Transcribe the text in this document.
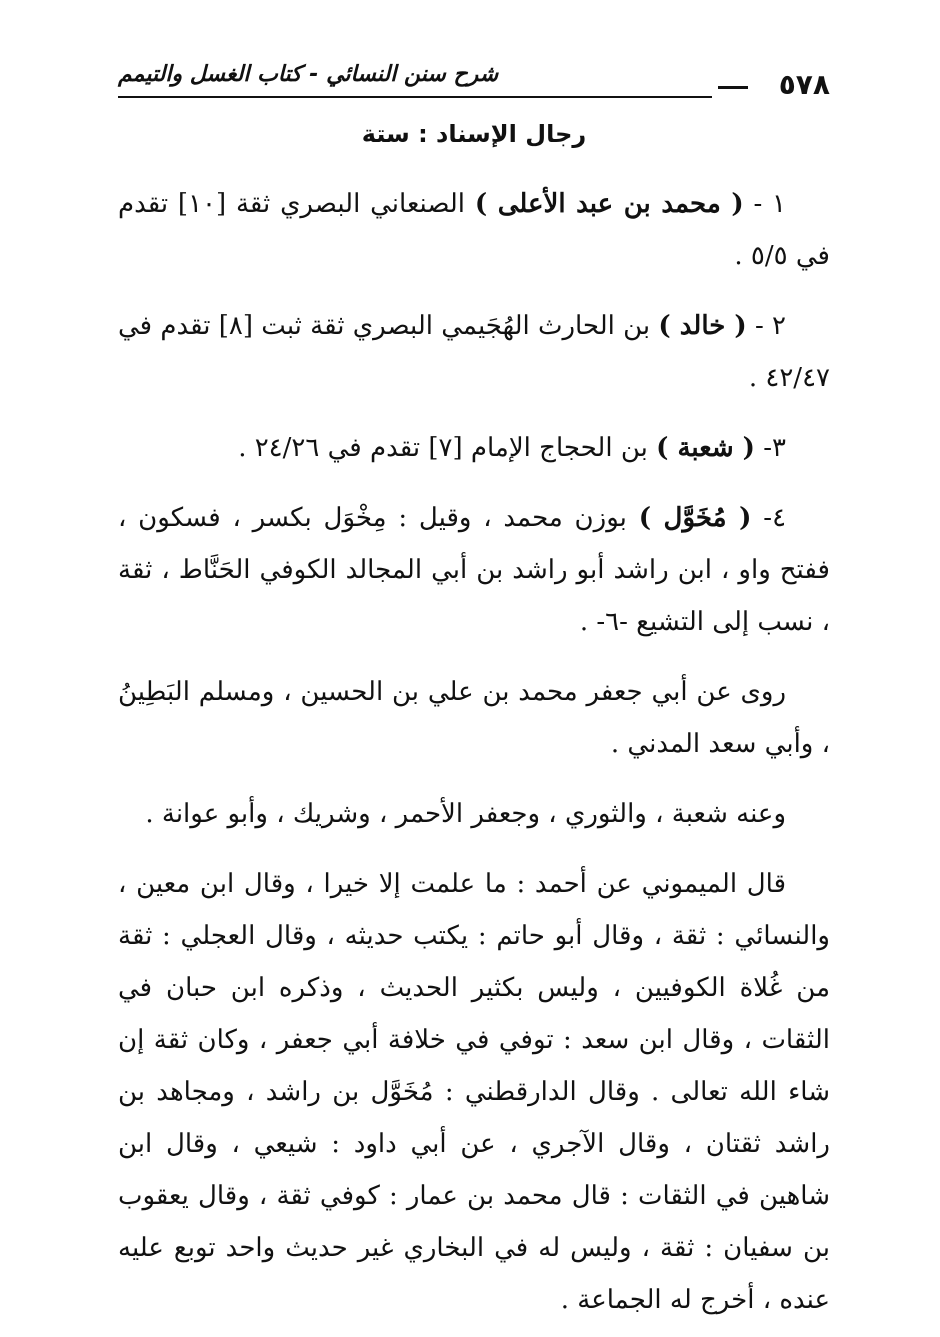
٥٧٨
شرح سنن النسائي - كتاب الغسل والتيمم
رجال الإسناد : ستة

١ - ( محمد بن عبد الأعلى ) الصنعاني البصري ثقة [١٠] تقدم في ٥/٥ .

٢ - ( خالد ) بن الحارث الهُجَيمي البصري ثقة ثبت [٨] تقدم في ٤٢/٤٧ .

٣- ( شعبة ) بن الحجاج الإمام [٧] تقدم في ٢٤/٢٦ .

٤- ( مُخَوَّل ) بوزن محمد ، وقيل : مِخْوَل بكسر ، فسكون ، ففتح واو ، ابن راشد أبو راشد بن أبي المجالد الكوفي الحَنَّاط ، ثقة ، نسب إلى التشيع -٦- .

روى عن أبي جعفر محمد بن علي بن الحسين ، ومسلم البَطِينُ ، وأبي سعد المدني .

وعنه شعبة ، والثوري ، وجعفر الأحمر ، وشريك ، وأبو عوانة .

قال الميموني عن أحمد : ما علمت إلا خيرا ، وقال ابن معين ، والنسائي : ثقة ، وقال أبو حاتم : يكتب حديثه ، وقال العجلي : ثقة من غُلاة الكوفيين ، وليس بكثير الحديث ، وذكره ابن حبان في الثقات ، وقال ابن سعد : توفي في خلافة أبي جعفر ، وكان ثقة إن شاء الله تعالى . وقال الدارقطني : مُخَوَّل بن راشد ، ومجاهد بن راشد ثقتان ، وقال الآجري ، عن أبي داود : شيعي ، وقال ابن شاهين في الثقات : قال محمد بن عمار : كوفي ثقة ، وقال يعقوب بن سفيان : ثقة ، وليس له في البخاري غير حديث واحد توبع عليه عنده ، أخرج له الجماعة .
